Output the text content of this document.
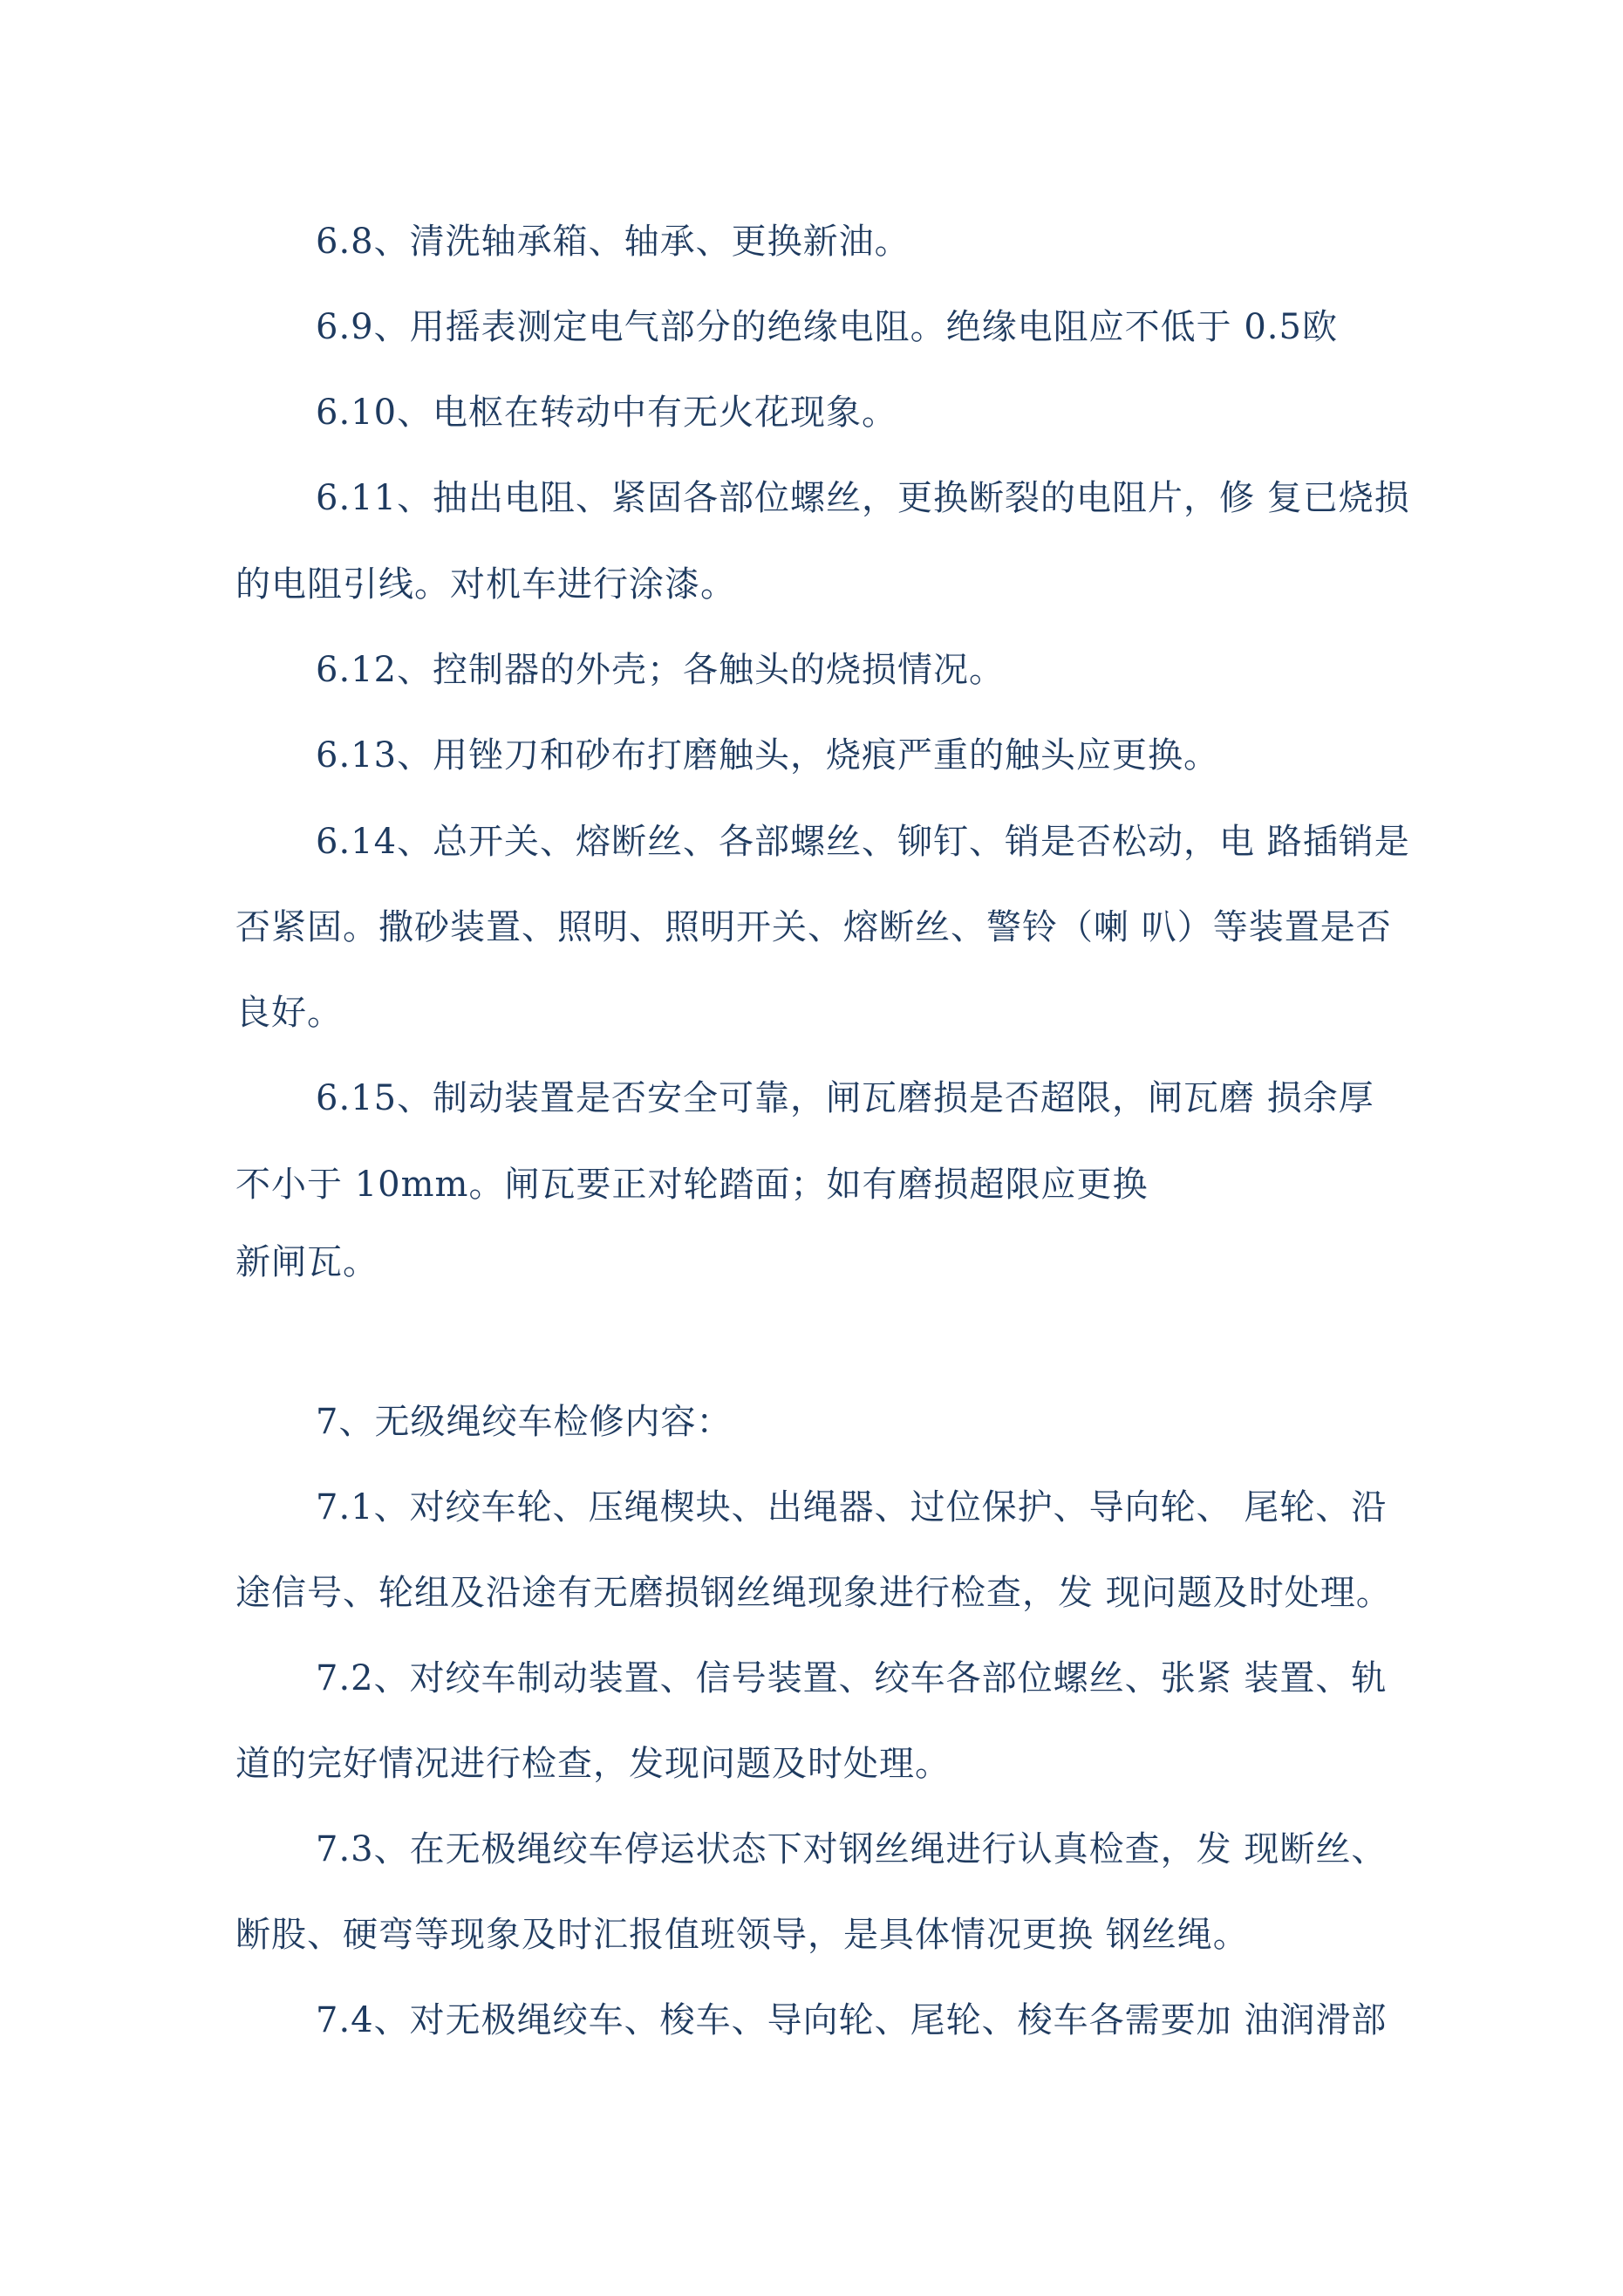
6.8、清洗轴承箱、轴承、更换新油。

6.9、用摇表测定电气部分的绝缘电阻。绝缘电阻应不低于 0.5欧

6.10、电枢在转动中有无火花现象。

6.11、抽出电阻、紧固各部位螺丝，更换断裂的电阻片，修 复已烧损

的电阻引线。对机车进行涂漆。

6.12、控制器的外壳；各触头的烧损情况。

6.13、用锉刀和砂布打磨触头，烧痕严重的触头应更换。

6.14、总开关、熔断丝、各部螺丝、铆钉、销是否松动，电 路插销是

否紧固。撒砂装置、照明、照明开关、熔断丝、警铃（喇 叭）等装置是否

良好。

6.15、制动装置是否安全可靠，闸瓦磨损是否超限，闸瓦磨 损余厚

不小于 10mm。闸瓦要正对轮踏面；如有磨损超限应更换

新闸瓦。

7、无级绳绞车检修内容：

7.1、对绞车轮、压绳楔块、出绳器、过位保护、导向轮、 尾轮、沿

途信号、轮组及沿途有无磨损钢丝绳现象进行检查，发 现问题及时处理。

7.2、对绞车制动装置、信号装置、绞车各部位螺丝、张紧 装置、轨

道的完好情况进行检查，发现问题及时处理。

7.3、在无极绳绞车停运状态下对钢丝绳进行认真检查，发 现断丝、

断股、硬弯等现象及时汇报值班领导，是具体情况更换 钢丝绳。

7.4、对无极绳绞车、梭车、导向轮、尾轮、梭车各需要加 油润滑部
